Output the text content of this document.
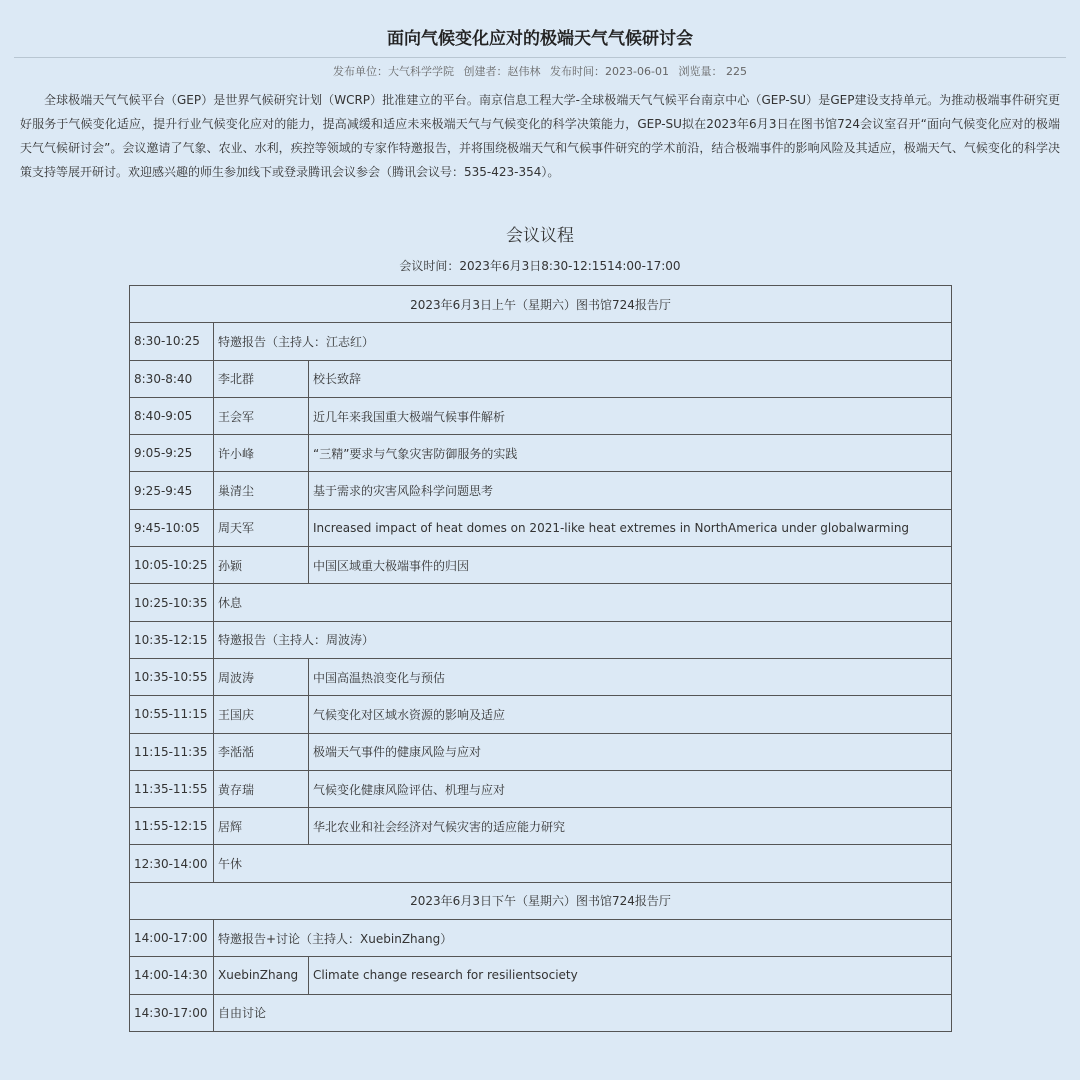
面向气候变化应对的极端天气气候研讨会
发布单位：大气科学学院 创建者：赵伟林 发布时间：2023-06-01 浏览量： 225

全球极端天气气候平台（GEP）是世界气候研究计划（WCRP）批准建立的平台。南京信息工程大学-全球极端天气气候平台南京中心（GEP-SU）是GEP建设支持单元。为推动极端事件研究更好服务于气候变化适应，提升行业气候变化应对的能力，提高减缓和适应未来极端天气与气候变化的科学决策能力，GEP-SU拟在2023年6月3日在图书馆724会议室召开“面向气候变化应对的极端天气气候研讨会”。会议邀请了气象、农业、水利，疾控等领域的专家作特邀报告，并将围绕极端天气和气候事件研究的学术前沿，结合极端事件的影响风险及其适应，极端天气、气候变化的科学决策支持等展开研讨。欢迎感兴趣的师生参加线下或登录腾讯会议参会（腾讯会议号：535-423-354）。

会议议程
会议时间：2023年6月3日8:30-12:1514:00-17:00
2023年6月3日上午（星期六）图书馆724报告厅		
8:30-10:25	特邀报告（主持人：江志红）	
8:30-8:40	李北群	校长致辞
8:40-9:05	王会军	近几年来我国重大极端气候事件解析
9:05-9:25	许小峰	“三精”要求与气象灾害防御服务的实践
9:25-9:45	巢清尘	基于需求的灾害风险科学问题思考
9:45-10:05	周天军	Increased impact of heat domes on 2021-like heat extremes in NorthAmerica under globalwarming
10:05-10:25	孙颖	中国区域重大极端事件的归因
10:25-10:35	休息	
10:35-12:15	特邀报告（主持人：周波涛）	
10:35-10:55	周波涛	中国高温热浪变化与预估
10:55-11:15	王国庆	气候变化对区域水资源的影响及适应
11:15-11:35	李湉湉	极端天气事件的健康风险与应对
11:35-11:55	黄存瑞	气候变化健康风险评估、机理与应对
11:55-12:15	居辉	华北农业和社会经济对气候灾害的适应能力研究
12:30-14:00	午休	
2023年6月3日下午（星期六）图书馆724报告厅		
14:00-17:00	特邀报告+讨论（主持人：XuebinZhang）	
14:00-14:30	XuebinZhang	Climate change research for resilientsociety
14:30-17:00	自由讨论	
